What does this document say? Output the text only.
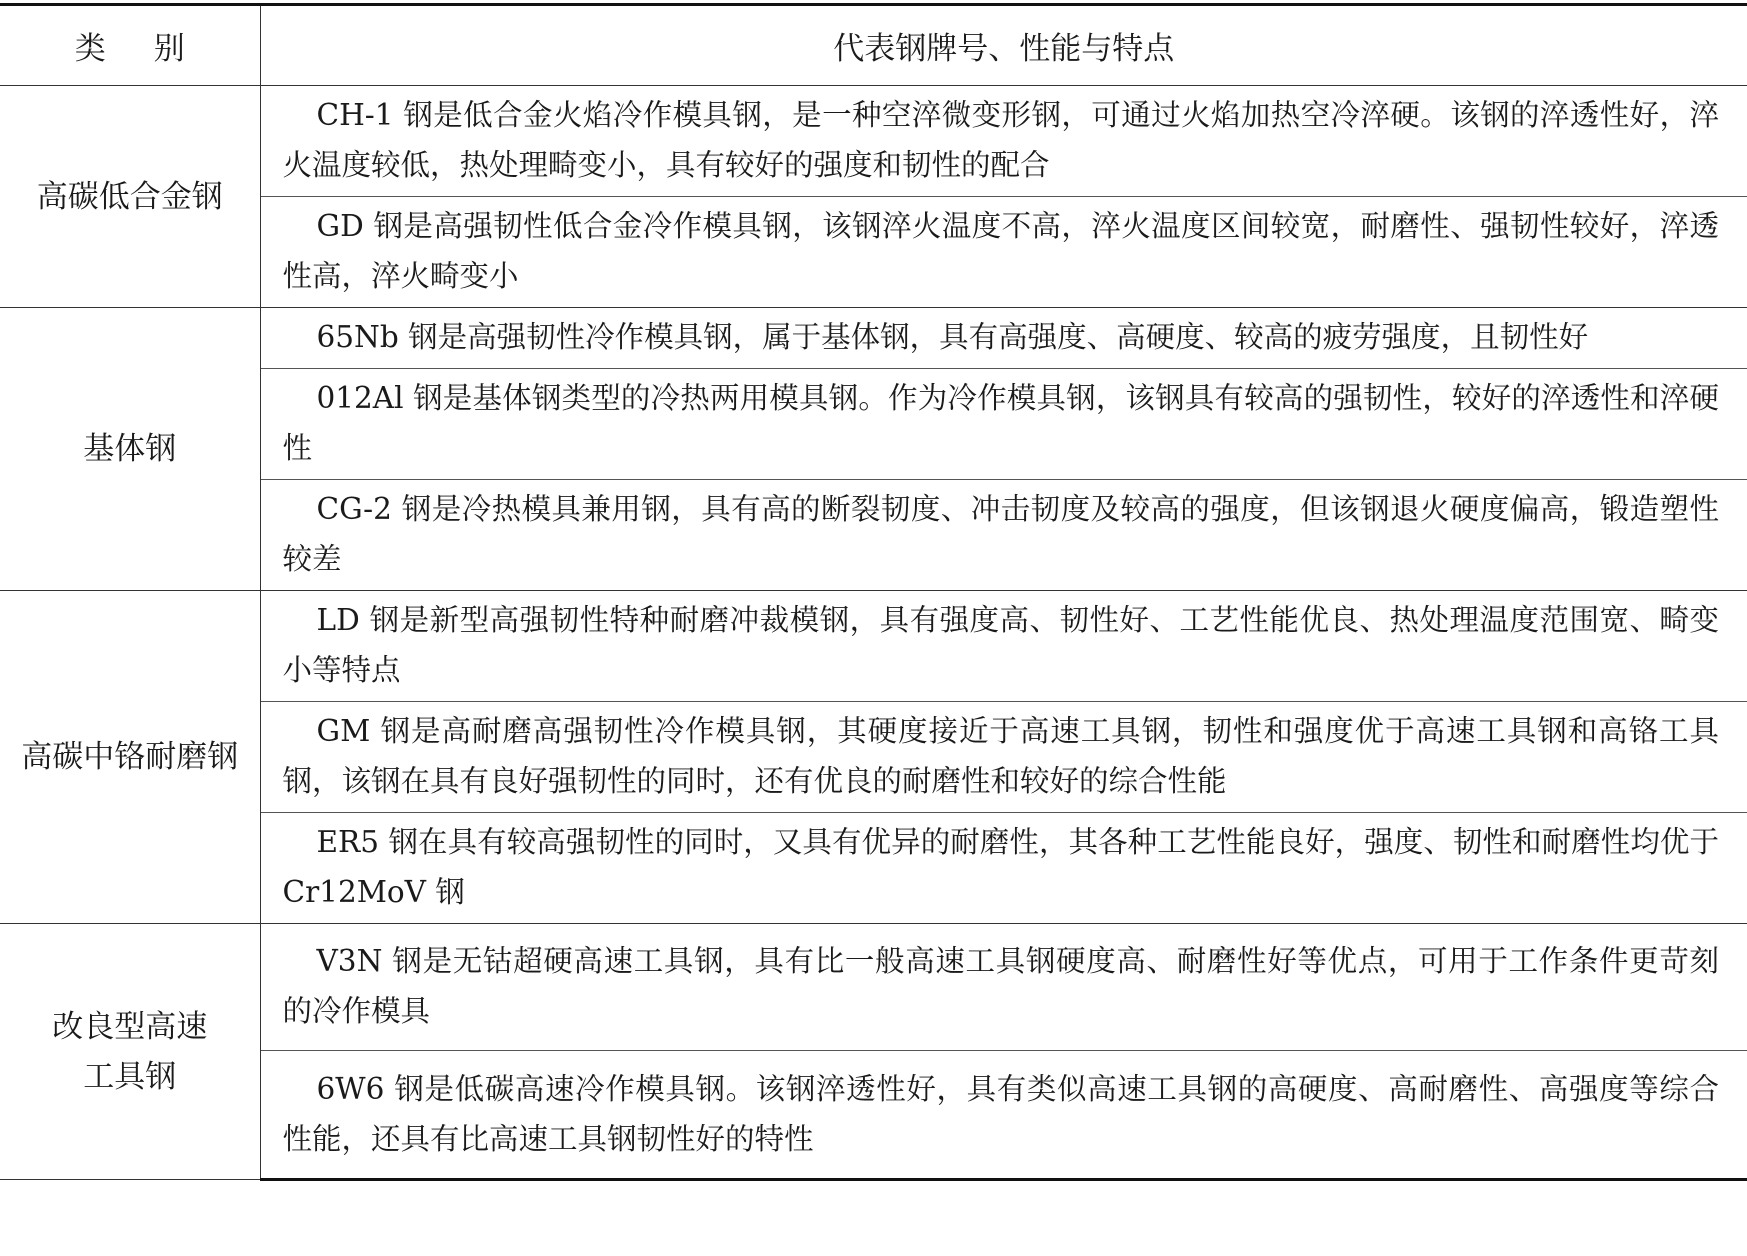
类别	代表钢牌号、性能与特点
高碳低合金钢	CH-1 钢是低合金火焰冷作模具钢，是一种空淬微变形钢，可通过火焰加热空冷淬硬。该钢的淬透性好，淬火温度较低，热处理畸变小，具有较好的强度和韧性的配合
	GD 钢是高强韧性低合金冷作模具钢，该钢淬火温度不高，淬火温度区间较宽，耐磨性、强韧性较好，淬透性高，淬火畸变小
基体钢	65Nb 钢是高强韧性冷作模具钢，属于基体钢，具有高强度、高硬度、较高的疲劳强度，且韧性好
	012Al 钢是基体钢类型的冷热两用模具钢。作为冷作模具钢，该钢具有较高的强韧性，较好的淬透性和淬硬性
	CG-2 钢是冷热模具兼用钢，具有高的断裂韧度、冲击韧度及较高的强度，但该钢退火硬度偏高，锻造塑性较差
高碳中铬耐磨钢	LD 钢是新型高强韧性特种耐磨冲裁模钢，具有强度高、韧性好、工艺性能优良、热处理温度范围宽、畸变小等特点
	GM 钢是高耐磨高强韧性冷作模具钢，其硬度接近于高速工具钢，韧性和强度优于高速工具钢和高铬工具钢，该钢在具有良好强韧性的同时，还有优良的耐磨性和较好的综合性能
	ER5 钢在具有较高强韧性的同时，又具有优异的耐磨性，其各种工艺性能良好，强度、韧性和耐磨性均优于 Cr12MoV 钢
改良型高速工具钢	V3N 钢是无钴超硬高速工具钢，具有比一般高速工具钢硬度高、耐磨性好等优点，可用于工作条件更苛刻的冷作模具
	6W6 钢是低碳高速冷作模具钢。该钢淬透性好，具有类似高速工具钢的高硬度、高耐磨性、高强度等综合性能，还具有比高速工具钢韧性好的特性
